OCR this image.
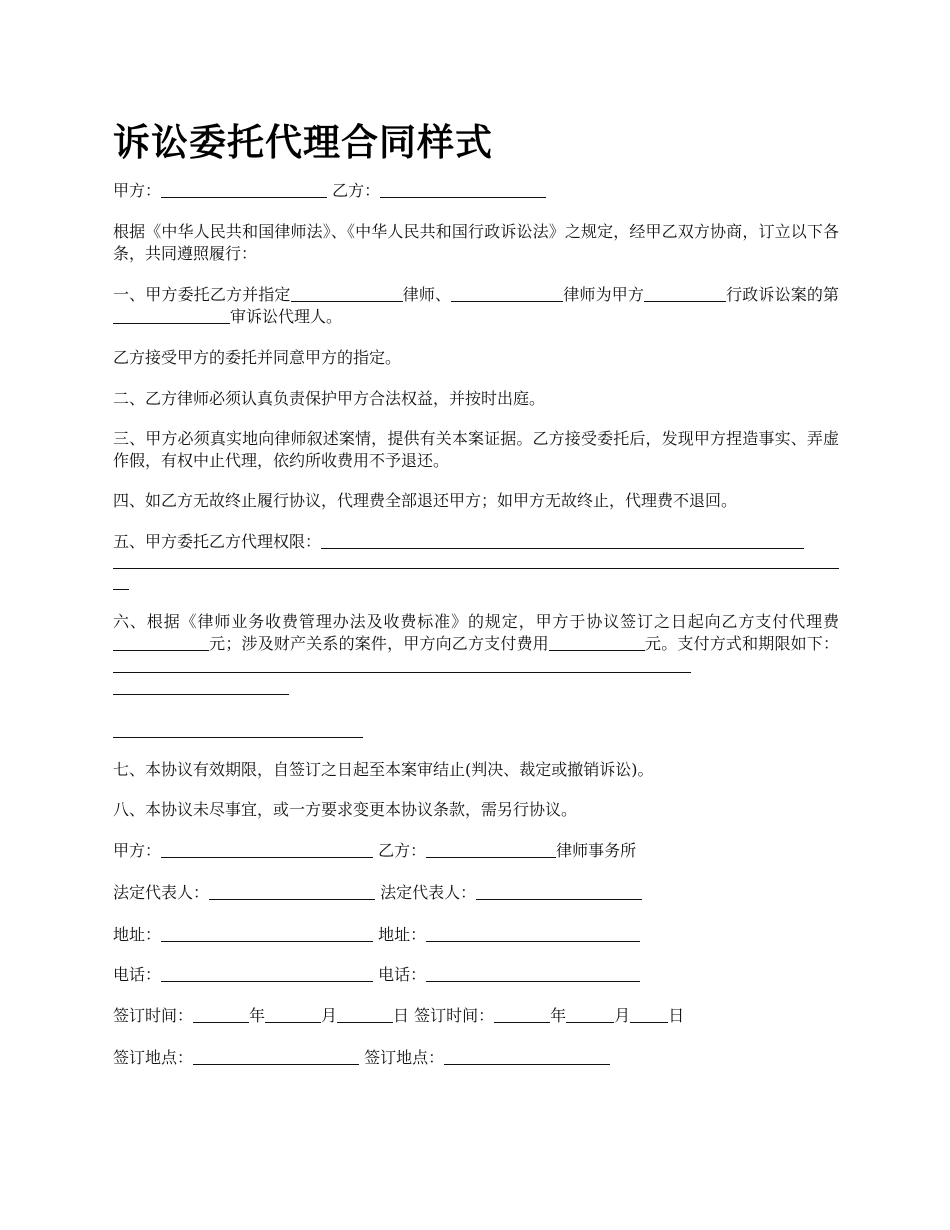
诉讼委托代理合同样式
甲方：	乙方：
根据《中华人民共和国律师法》、《中华人民共和国行政诉讼法》之规定，经甲乙双方协商，订立以下各条，共同遵照履行：
一、甲方委托乙方并指定	律师、	律师为甲方	行政诉讼案的第审诉讼代理人。
乙方接受甲方的委托并同意甲方的指定。
二、乙方律师必须认真负责保护甲方合法权益，并按时出庭。
三、甲方必须真实地向律师叙述案情，提供有关本案证据。乙方接受委托后，发现甲方捏造事实、弄虚作假，有权中止代理，依约所收费用不予退还。
四、如乙方无故终止履行协议，代理费全部退还甲方；如甲方无故终止，代理费不退回。
五、甲方委托乙方代理权限：
六、根据《律师业务收费管理办法及收费标准》的规定，甲方于协议签订之日起向乙方支付代理费元；涉及财产关系的案件，甲方向乙方支付费用	元。支付方式和期限如下：
七、本协议有效期限，自签订之日起至本案审结止(判决、裁定或撤销诉讼)。
八、本协议未尽事宜，或一方要求变更本协议条款，需另行协议。
甲方：	乙方：	律师事务所
法定代表人：	法定代表人：
地址：	地址：
电话：	电话：
签订时间：	年	月	日 签订时间：	年	月 日
签订地点：	签订地点：
